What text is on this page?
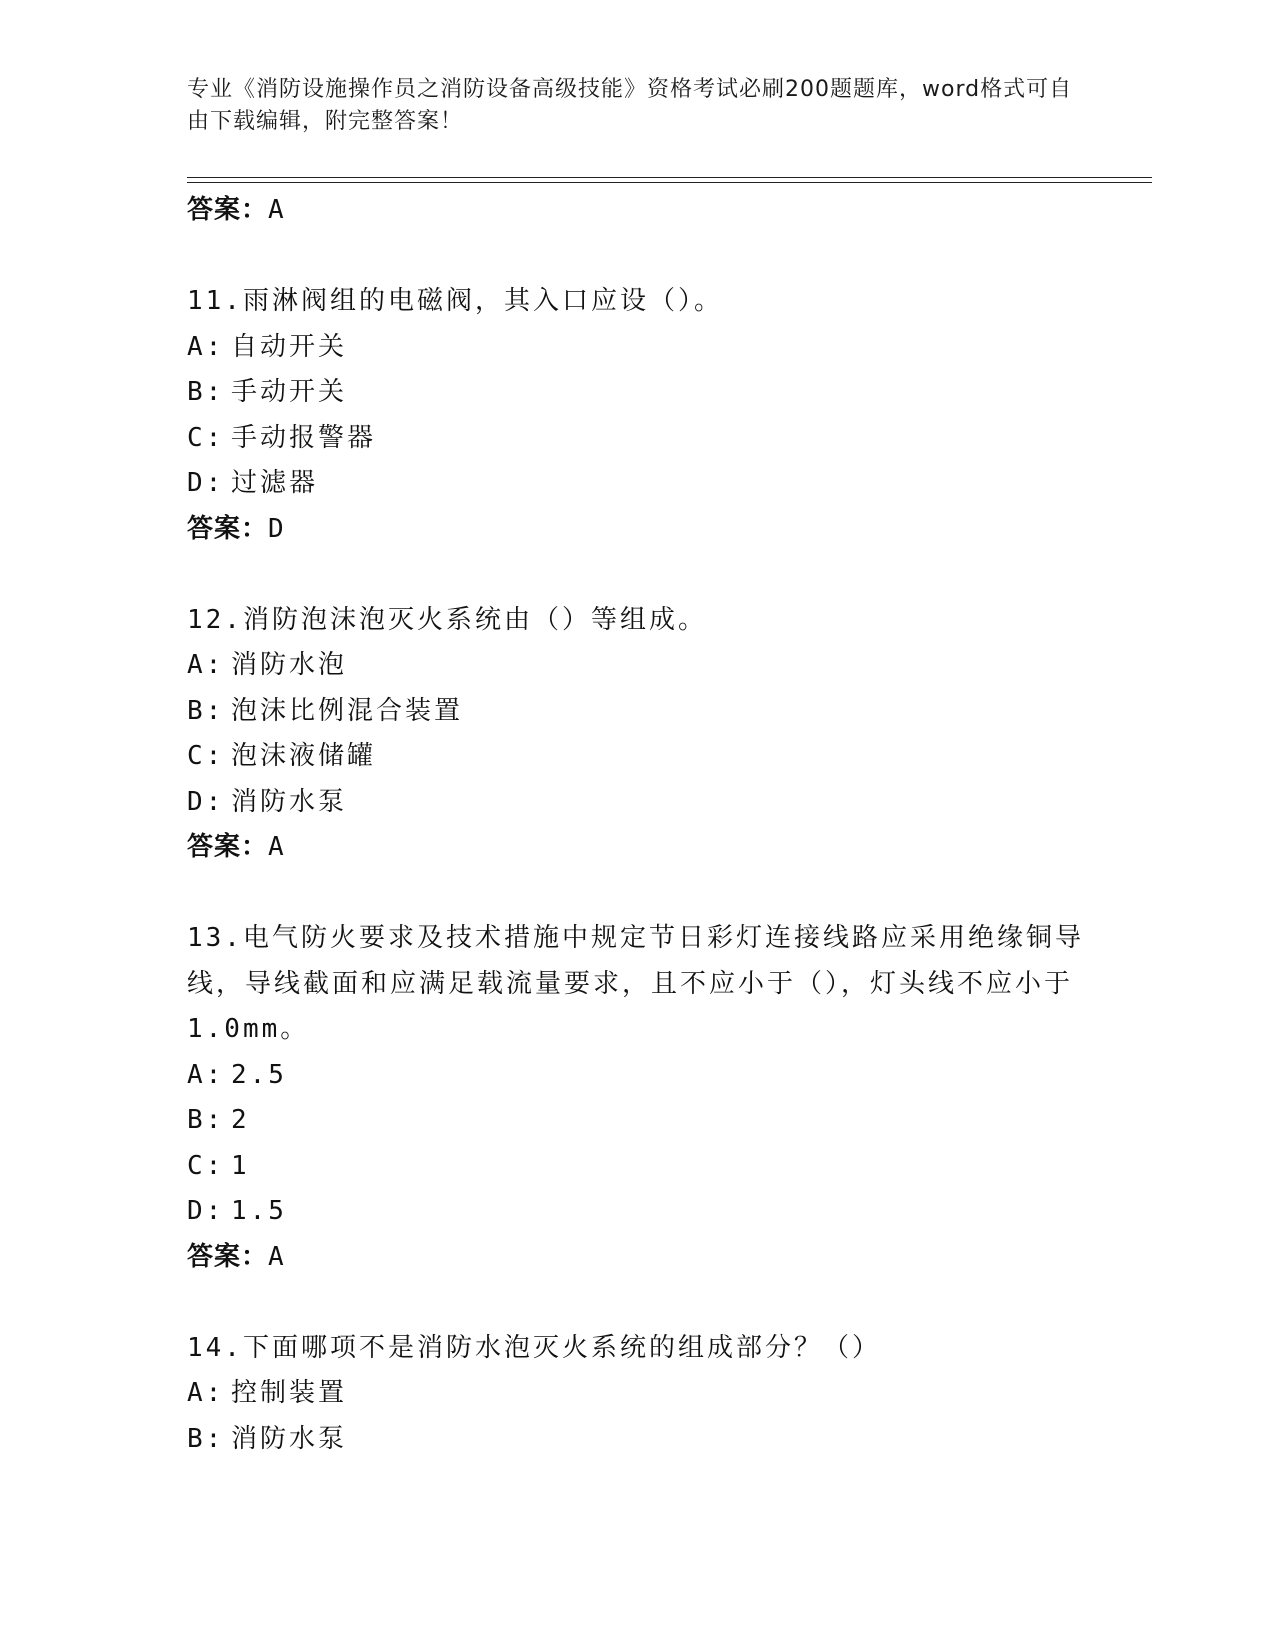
专业《消防设施操作员之消防设备高级技能》资格考试必刷200题题库，word格式可自由下载编辑，附完整答案！
答案：A

11.雨淋阀组的电磁阀，其入口应设（）。

A: 自动开关
B: 手动开关
C: 手动报警器
D: 过滤器
答案：D

12.消防泡沫泡灭火系统由（）等组成。

A: 消防水泡
B: 泡沫比例混合装置
C: 泡沫液储罐
D: 消防水泵
答案：A

13.电气防火要求及技术措施中规定节日彩灯连接线路应采用绝缘铜导线，导线截面和应满足载流量要求，且不应小于（），灯头线不应小于1.0mm。

A: 2.5
B: 2
C: 1
D: 1.5
答案：A

14.下面哪项不是消防水泡灭火系统的组成部分？（）

A: 控制装置
B: 消防水泵
